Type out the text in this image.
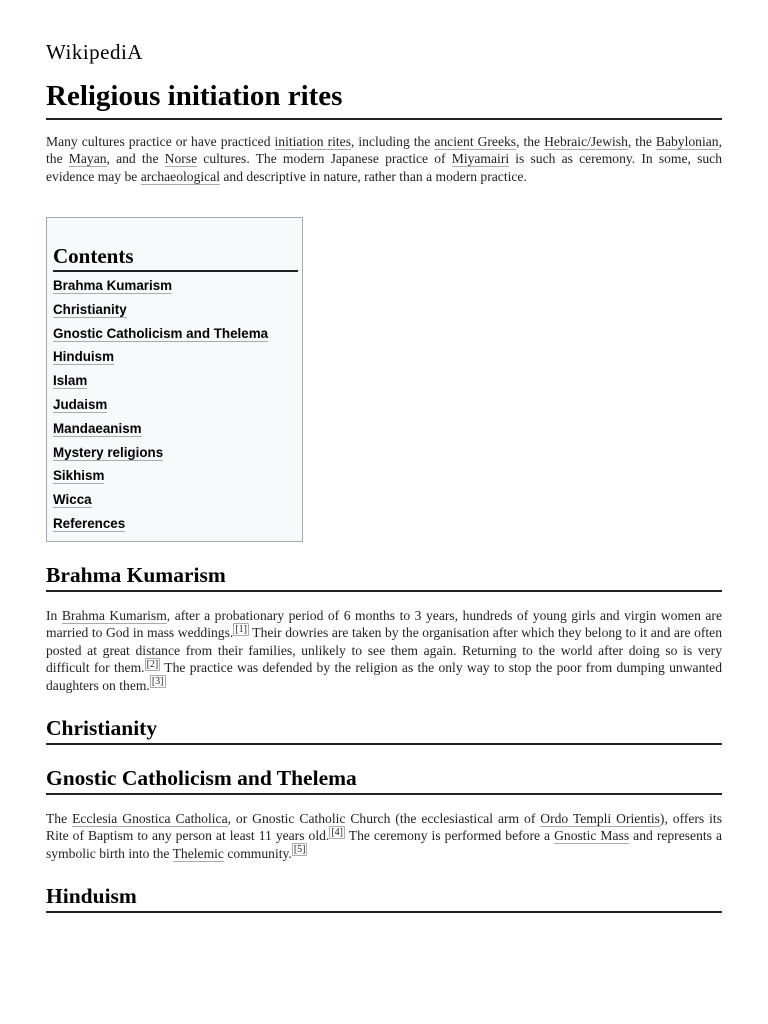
WikipediA
Religious initiation rites

Many cultures practice or have practiced initiation rites, including the ancient Greeks, the Hebraic/Jewish, the Babylonian, the Mayan, and the Norse cultures. The modern Japanese practice of Miyamairi is such as ceremony. In some, such evidence may be archaeological and descriptive in nature, rather than a modern practice.

Contents
Brahma Kumarism
Christianity
Gnostic Catholicism and Thelema
Hinduism
Islam
Judaism
Mandaeanism
Mystery religions
Sikhism
Wicca
References
Brahma Kumarism

In Brahma Kumarism, after a probationary period of 6 months to 3 years, hundreds of young girls and virgin women are married to God in mass weddings. [1] Their dowries are taken by the organisation after which they belong to it and are often posted at great distance from their families, unlikely to see them again. Returning to the world after doing so is very difficult for them. [2] The practice was defended by the religion as the only way to stop the poor from dumping unwanted daughters on them. [3]

Christianity
Gnostic Catholicism and Thelema

The Ecclesia Gnostica Catholica, or Gnostic Catholic Church (the ecclesiastical arm of Ordo Templi Orientis), offers its Rite of Baptism to any person at least 11 years old. [4] The ceremony is performed before a Gnostic Mass and represents a symbolic birth into the Thelemic community. [5]

Hinduism
